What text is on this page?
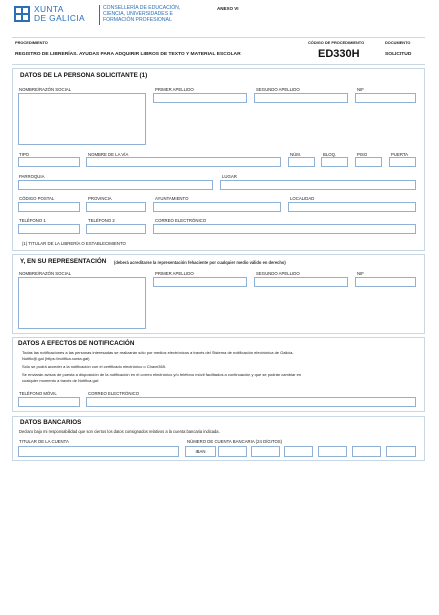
XUNTA
DE GALICIA
CONSELLERÍA DE EDUCACIÓN,
CIENCIA, UNIVERSIDADES E
FORMACIÓN PROFESIONAL
ANEXO VI
PROCEDIMIENTO
REGISTRO DE LIBRERÍAS. AYUDAS PARA ADQUIRIR LIBROS DE TEXTO Y MATERIAL ESCOLAR
CÓDIGO DE PROCEDIMIENTO
ED330H
DOCUMENTO
SOLICITUD
DATOS DE LA PERSONA SOLICITANTE (1)
NOMBRE/RAZÓN SOCIAL	PRIMER APELLIDO	SEGUNDO APELLIDO	NIF
TIPO	NOMBRE DE LA VÍA	NÚM.	BLOQ.	PISO	PUERTA
PARROQUIA	LUGAR
CÓDIGO POSTAL	PROVINCIA	AYUNTAMIENTO	LOCALIDAD
TELÉFONO 1	TELÉFONO 2	CORREO ELECTRÓNICO
(1) TITULAR DE LA LIBRERÍA O ESTABLECIMIENTO
Y, EN SU REPRESENTACIÓN (deberá acreditarse la representación fehaciente por cualquier medio válido en derecho)
NOMBRE/RAZÓN SOCIAL	PRIMER APELLIDO	SEGUNDO APELLIDO	NIF
DATOS A EFECTOS DE NOTIFICACIÓN
Todas las notificaciones a las personas interesadas se realizarán sólo por medios electrónicos a través del Sistema de notificación electrónica de Galicia-
Notific@.gal (https://notifica.xunta.gal)
Solo se podrá acceder a la notificación con el certificado electrónico o Chave365.
Se enviarán avisos de puesta a disposición de la notificación en el correo electrónico y/o teléfono móvil facilitados a continuación y que se podrán cambiar en
cualquier momento a través de Notifica.gal:
TELÉFONO MÓVIL	CORREO ELECTRÓNICO
DATOS BANCARIOS
Declaro bajo mi responsabilidad que son ciertos los datos consignados relativos a la cuenta bancaria indicada.
TITULAR DE LA CUENTA	NÚMERO DE CUENTA BANCARIA (24 DÍGITOS)
IBAN
